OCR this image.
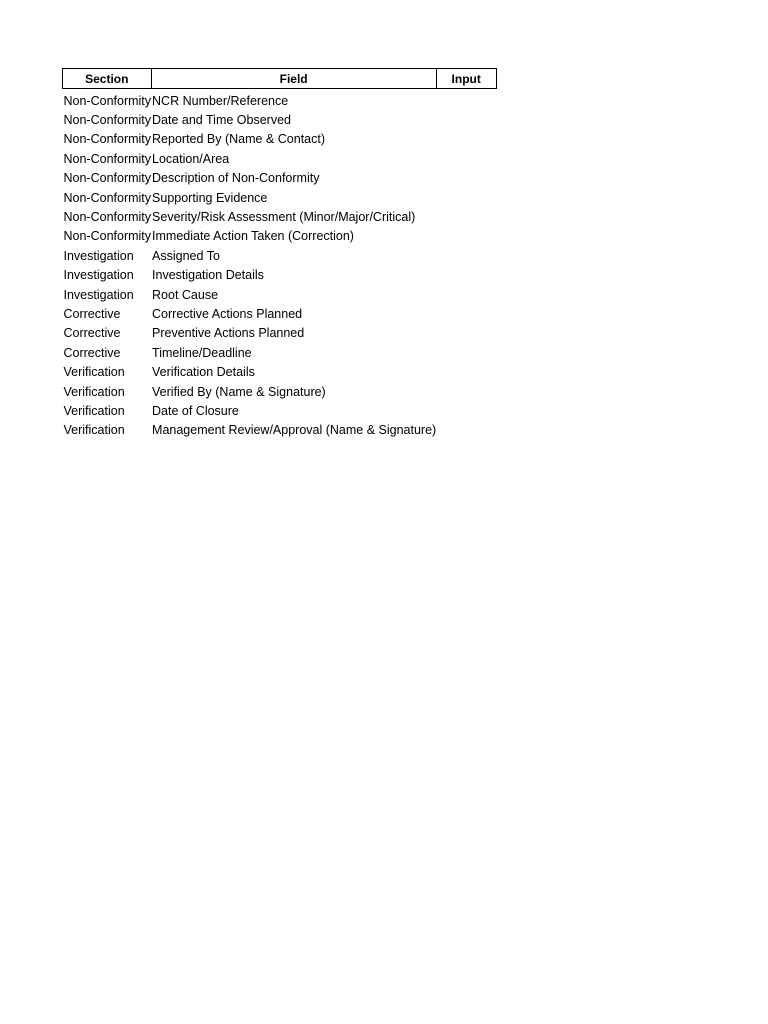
Section	Field	Input

Non-Conformity	NCR Number/Reference	
Non-Conformity	Date and Time Observed	
Non-Conformity	Reported By (Name & Contact)	
Non-Conformity	Location/Area	
Non-Conformity	Description of Non-Conformity	
Non-Conformity	Supporting Evidence	
Non-Conformity	Severity/Risk Assessment (Minor/Major/Critical)	
Non-Conformity	Immediate Action Taken (Correction)	
Investigation	Assigned To	
Investigation	Investigation Details	
Investigation	Root Cause	
Corrective	Corrective Actions Planned	
Corrective	Preventive Actions Planned	
Corrective	Timeline/Deadline	
Verification	Verification Details	
Verification	Verified By (Name & Signature)	
Verification	Date of Closure	
Verification	Management Review/Approval (Name & Signature)	
